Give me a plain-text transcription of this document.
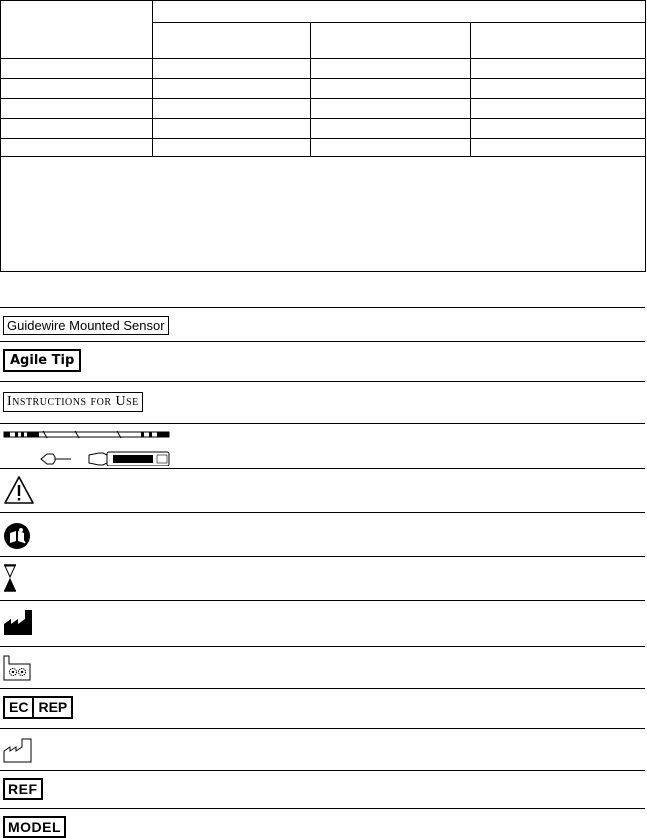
Guidewire Mounted Sensor
Agile Tip
Instructions for Use
EC REP
REF
MODEL
